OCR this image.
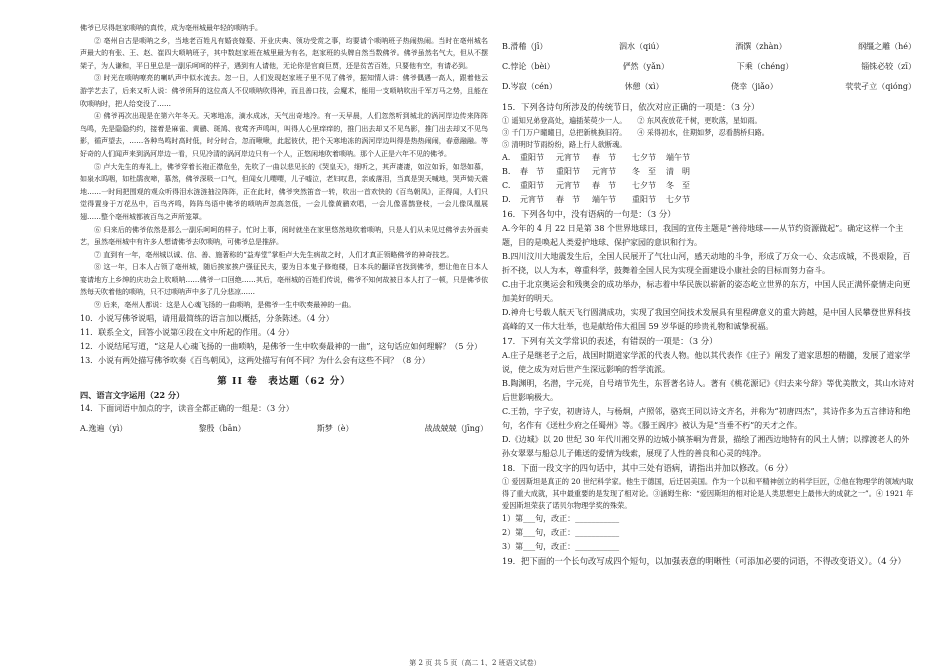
佛爷已尽得赵家唢呐的真传，成为亳州城最年轻的唢呐手。

② 亳州自古是唢呐之乡，当地老百姓凡有婚丧嫁娶、开业庆典、领功受赏之事，均要请个唢呐班子热闹热闹。当时在亳州城名声最大的有张、王、赵、崔四大唢呐班子，其中数赵家班在城里最为有名，赵家班的头牌自然当数佛爷。佛爷虽然名气大，但从不摆架子，为人谦和，平日里总是一副乐呵呵的样子，遇到有人请他，无论你是官商巨贾，还是贫苦百姓，只要他有空，有请必到。

③ 时光在唢呐嘹亮的喇叭声中似水流去。忽一日，人们发现赵家班子里不见了佛爷，据知情人讲：佛爷偶遇一高人，跟着他云游学艺去了，后来又听人说：佛爷所拜的这位高人不仅唢呐吹得神，而且善口技，会魔术，能用一支唢呐吹出千军万马之势，且能在吹唢呐时，把人给变没了……

④ 佛爷再次出现是在第六年冬天。天寒地冻，滴水成冰，天气出奇地冷。有一天早晨，人们忽然听到城北的涡河岸边传来阵阵鸟鸣，先是隐隐约约，接着是麻雀、黄鹂、斑鸠、夜莺齐声鸣叫，叫得人心里痒痒的，推门出去却又不见鸟影，推门出去却又不见鸟影，循声望去，……各种鸟鸣时高时低，时分时合，忽而啾啾，此起彼伏，把个天寒地冻的涡河岸边叫得是热热闹闹，春意融融。等好奇的人们闻声来到涡河岸边一看，只见冷清的涡河岸边只有一个人，正悠闲地吹着唢呐。那个人正是六年不见的佛爷。

⑤ 卢大先生的寿礼上，佛爷穿着长袍正襟危坐，先吹了一曲以悲见长的《哭皇天》，细听之，其声凄凄，如泣如诉，如怨如慕，如泉水呜咽，如杜鹃夜啼，慕然，佛爷深吸一口气，但闻女儿嘤嘤，儿子嘘泣，老妇叹息，亲戚落泪，当真是哭天喊地，哭声恸天震地……一时间把围观的观众听得泪水涟涟抽泣阵阵，正在此时，佛爷突然笛音一转，吹出一首欢快的《百鸟朝凤》，正得闻，人们只觉得置身于万花丛中，百鸟齐鸣，阵阵鸟语中佛爷的唢呐声忽高忽低，一会儿像黄鹂欢唱，一会儿像喜鹊登枝，一会儿像凤凰展翅……整个亳州城都被百鸟之声所笼罩。

⑥ 归来后的佛爷依然是那么一副乐呵呵的样子。忙时上事，闲时就坐在家里悠然地吹着唢呐，只是人们从未见过佛爷去外面卖艺，虽然亳州城中有许多人想请佛爷去吹唢呐，可佛爷总是推辞。

⑦ 直到有一年，亳州城以诚、信、善、施著称的“益寿堂”掌柜卢大先生病故之时，人们才真正领略佛爷的神奇技艺。

⑧ 这一年，日本人占领了亳州城，随后挨家挨户强征民夫，要为日本鬼子修炮楼，日本兵的翻译官找到佛爷，想让他在日本人宴请地方上乡绅的庆功会上吹唢呐……佛爷一口回绝……其后，亳州城的百姓们传说，佛爷不知何故被日本人打了一顿，只是佛爷依然每天吹着他的唢呐，只不过唢呐声中多了几分悲凉……

⑨ 后来，亳州人都说：这是人心魂飞扬的一曲唢呐，是佛爷一生中吹奏最神的一曲。

10．小说写佛爷说唱，请用最简练的语言加以概括，分条陈述。（4 分）

11．联系全文，回答小说第④段在文中所起的作用。（4 分）

12．小说结尾写道，“这是人心魂飞扬的一曲唢呐，是佛爷一生中吹奏最神的一曲”，这句话应如何理解？（5 分）

13．小说有两处描写佛爷吹奏《百鸟朝凤》，这两处描写有何不同？为什么会有这些不同？（8 分）

第 II 卷　表达题（62 分）
四、语言文字运用（22 分）

14．下面词语中加点的字，读音全都正确的一组是：（3 分）

A.逸遍（yì）	黎殷（bān）	斯梦（è）	战战兢兢（jīng）
B.滑稽（jī）	泅水（qiú）	酒馔（zhàn）	纲缰之雕（hé）
C.悖论（bèi）	俨然（yǎn）	下乘（chéng）	锱铢必较（zī）
D.岑寂（cén）	休憩（xì）	侥幸（jiǎo）	茕茕孑立（qióng）

15．下列各诗句所涉及的传统节日，依次对应正确的一项是：（3 分）

① 遥知兄弟登高处，遍插茱萸少一人。　　② 东风夜放花千树，更吹落，星如雨。

③ 千门万户曈曈日，总把新桃换旧符。　　④ 采得初水，住期如梦，忍看鹊桥归路。

⑤ 清明时节雨纷纷，路上行人欲断魂。

A.	重阳节	元宵节	春　节	七夕节	端午节
B.	春　节	重阳节	元宵节	冬　至	清　明
C.	重阳节	元宵节	春　节	七夕节	冬　至
D.	元宵节	春　节	端午节	重阳节	七夕节

16．下列各句中，没有语病的一句是：（3 分）

A.今年的 4 月 22 日是第 38 个世界地球日，我国的宣传主题是“善待地球——从节约资源做起”。确定这样一个主题，目的是唤起人类爱护地球、保护家园的意识和行为。

B.四川汶川大地震发生后，全国人民展开了气壮山河，感天动地的斗争，形成了万众一心、众志成城，不畏艰险，百折不挠，以人为本，尊重科学，鼓舞着全国人民为实现全面建设小康社会的目标而努力奋斗。

C.由于北京奥运会和残奥会的成功举办，标志着中华民族以崭新的姿态屹立世界的东方，中国人民正满怀豪情走向更加美好的明天。

D.神舟七号载人航天飞行圆满成功，实现了我国空间技术发展具有里程碑意义的重大跨越，是中国人民攀登世界科技高峰的又一伟大壮举，也是献给伟大祖国 59 岁华诞的珍贵礼物和诚挚祝福。

17．下列有关文学常识的表述，有错误的一项是：（3 分）

A.庄子是继老子之后，战国时期道家学派的代表人物。他以其代表作《庄子》阐发了道家思想的精髓，发展了道家学说，使之成为对后世产生深远影响的哲学流派。

B.陶渊明，名潜，字元亮，自号靖节先生，东晋著名诗人。著有《桃花源记》《归去来兮辞》等优美散文，其山水诗对后世影响极大。

C.王勃，字子安，初唐诗人，与杨炯，卢照邻，骆宾王同以诗文齐名，并称为“初唐四杰”，其诗作多为五言律诗和绝句，名作有《送杜少府之任蜀州》等。《滕王阁序》被认为是“当垂不朽”的天才之作。

D.《边城》以 20 世纪 30 年代川湘交界的边城小镇茶峒为背景，描绘了湘西边地特有的风土人情；以撑渡老人的外孙女翠翠与船总儿子傩送的爱情为线索，展现了人性的善良和心灵的纯净。

18．下面一段文字的四句话中，其中三处有语病，请指出并加以修改。（6 分）

① 爱因斯坦是真正的 20 世纪科学家。他生于德国，后迁居美国。作为一个以和平精神创立的科学巨匠，②他在物理学的领域内取得了重大成就，其中最重要的是发现了相对论。③涵姆生称：“爱因斯坦的相对论是人类思想史上最伟大的成就之一”。④ 1921 年爱因斯坦荣获了诺贝尔物理学奖的殊荣。

1）第___句，改正：___________

2）第___句，改正：___________

3）第___句，改正：___________

19．把下面的一个长句改写成四个短句，以加强表意的明晰性（可添加必要的词语，不得改变语义）。（4 分）

第 2 页 共 5 页（高二 1、2 班语文试卷）
